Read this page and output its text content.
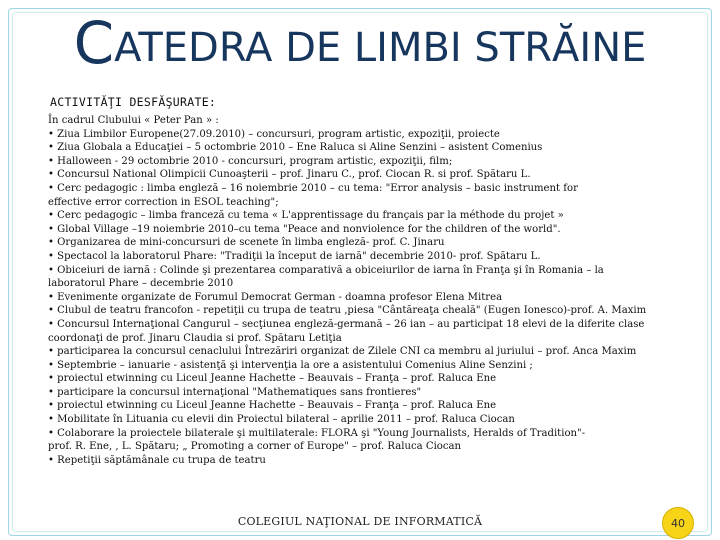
CATEDRA DE LIMBI STRĂINE
ACTIVITĂŢI DESFĂŞURATE:
În cadrul Clubului « Peter Pan » :
• Ziua Limbilor Europene(27.09.2010) – concursuri, program artistic, expoziţii, proiecte
• Ziua Globala a Educaţiei – 5 octombrie 2010 – Ene Raluca si Aline Senzini – asistent Comenius
• Halloween - 29 octombrie 2010 - concursuri, program artistic, expoziţii, film;
• Concursul National Olimpicii Cunoaşterii – prof. Jinaru C., prof. Ciocan R. si prof. Spătaru L.
• Cerc pedagogic : limba engleză – 16 noiembrie 2010 – cu tema: "Error analysis – basic instrument for
effective error correction in ESOL teaching";
• Cerc pedagogic – limba franceză cu tema « L'apprentissage du français par la méthode du projet »
• Global Village –19 noiembrie 2010–cu tema "Peace and nonviolence for the children of the world".
• Organizarea de mini-concursuri de scenete în limba engleză- prof. C. Jinaru
• Spectacol la laboratorul Phare: "Tradiţii la început de iarnă" decembrie 2010- prof. Spătaru L.
• Obiceiuri de iarnă : Colinde şi prezentarea comparativă a obiceiurilor de iarna în Franţa şi în Romania – la
laboratorul Phare – decembrie 2010
• Evenimente organizate de Forumul Democrat German - doamna profesor Elena Mitrea
• Clubul de teatru francofon - repetiţii cu trupa de teatru ,piesa "Cântăreaţa cheală" (Eugen Ionesco)-prof. A. Maxim
• Concursul Internaţional Cangurul – secţiunea engleză-germană – 26 ian – au participat 18 elevi de la diferite clase
coordonaţi de prof. Jinaru Claudia si prof. Spătaru Letiţia
• participarea la concursul cenaclului Întrezăriri organizat de Zilele CNI ca membru al juriului – prof. Anca Maxim
• Septembrie – ianuarie - asistenţă şi intervenţia la ore a asistentului Comenius Aline Senzini ;
• proiectul etwinning cu Liceul Jeanne Hachette – Beauvais – Franţa – prof. Raluca Ene
• participare la concursul internaţional "Mathematiques sans frontieres"
• proiectul etwinning cu Liceul Jeanne Hachette – Beauvais – Franţa – prof. Raluca Ene
• Mobilitate în Lituania cu elevii din Proiectul bilateral – aprilie 2011 – prof. Raluca Ciocan
• Colaborare la proiectele bilaterale şi multilaterale: FLORA şi "Young Journalists, Heralds of Tradition"-
prof. R. Ene, , L. Spătaru; „ Promoting a corner of Europe" – prof. Raluca Ciocan
• Repetiţii săptămânale cu trupa de teatru
COLEGIUL NAŢIONAL DE INFORMATICĂ	40
